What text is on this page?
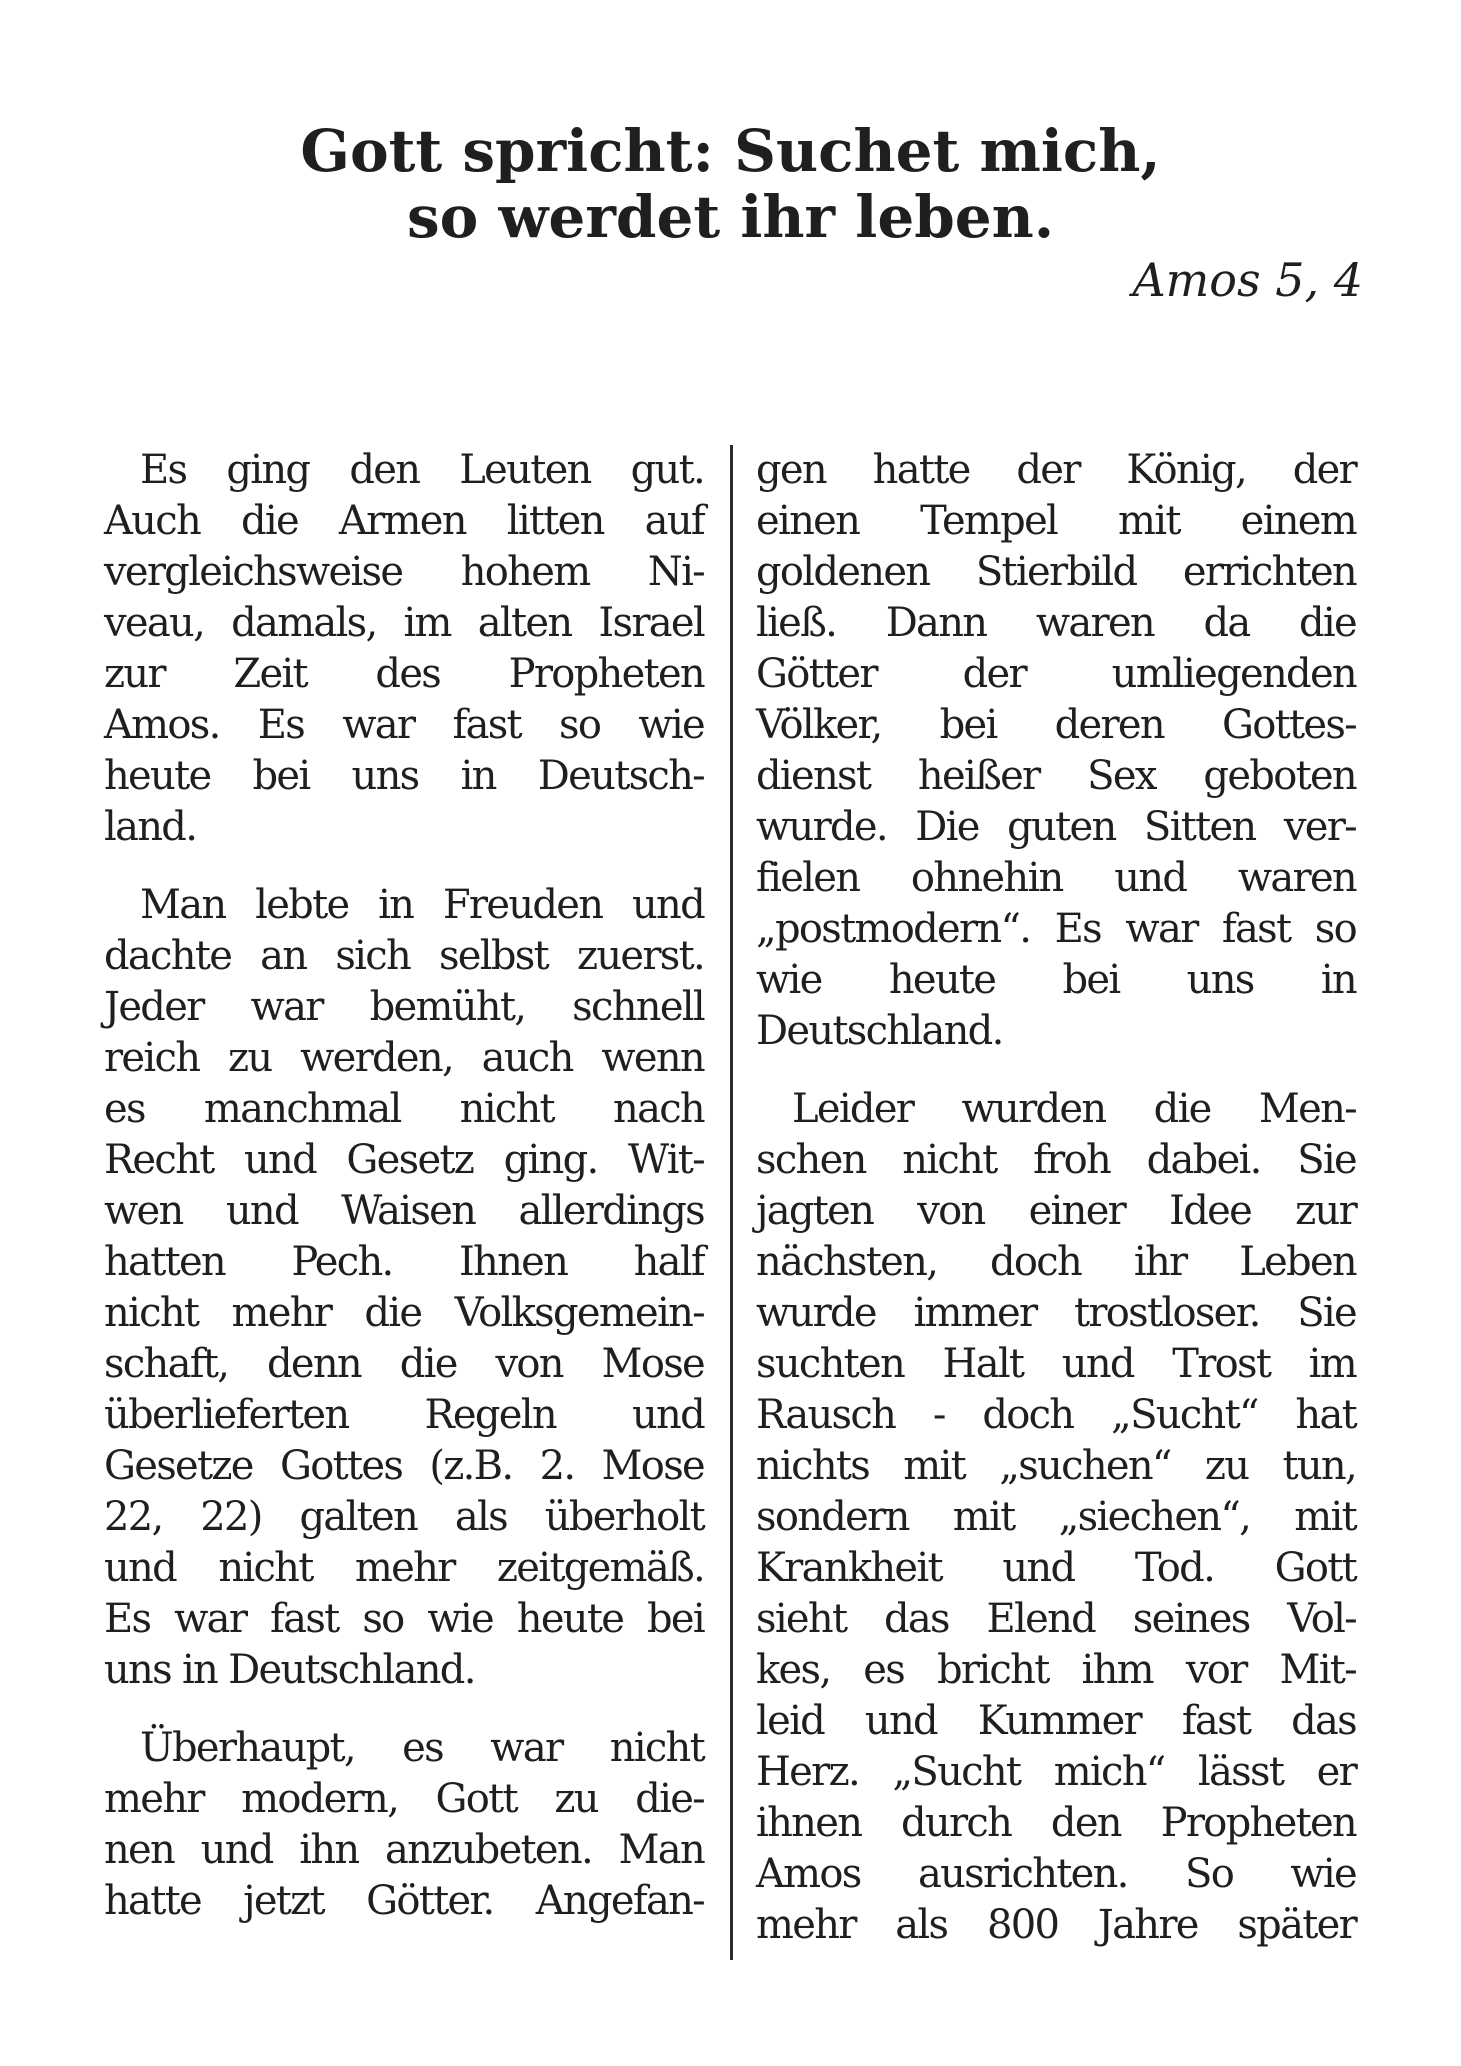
Gott spricht: Suchet mich,
so werdet ihr leben.

Amos 5, 4

Es ging den Leuten gut.
Auch die Armen litten auf
vergleichsweise hohem Ni-
veau, damals, im alten Israel
zur Zeit des Propheten
Amos. Es war fast so wie
heute bei uns in Deutsch-
land.
Man lebte in Freuden und
dachte an sich selbst zuerst.
Jeder war bemüht, schnell
reich zu werden, auch wenn
es manchmal nicht nach
Recht und Gesetz ging. Wit-
wen und Waisen allerdings
hatten Pech. Ihnen half
nicht mehr die Volksgemein-
schaft, denn die von Mose
überlieferten Regeln und
Gesetze Gottes (z.B. 2. Mose
22, 22) galten als überholt
und nicht mehr zeitgemäß.
Es war fast so wie heute bei
uns in Deutschland.
Überhaupt, es war nicht
mehr modern, Gott zu die-
nen und ihn anzubeten. Man
hatte jetzt Götter. Angefan-
gen hatte der König, der
einen Tempel mit einem
goldenen Stierbild errichten
ließ. Dann waren da die
Götter der umliegenden
Völker, bei deren Gottes-
dienst heißer Sex geboten
wurde. Die guten Sitten ver-
fielen ohnehin und waren
„postmodern“. Es war fast so
wie heute bei uns in
Deutschland.
Leider wurden die Men-
schen nicht froh dabei. Sie
jagten von einer Idee zur
nächsten, doch ihr Leben
wurde immer trostloser. Sie
suchten Halt und Trost im
Rausch - doch „Sucht“ hat
nichts mit „suchen“ zu tun,
sondern mit „siechen“, mit
Krankheit und Tod. Gott
sieht das Elend seines Vol-
kes, es bricht ihm vor Mit-
leid und Kummer fast das
Herz. „Sucht mich“ lässt er
ihnen durch den Propheten
Amos ausrichten. So wie
mehr als 800 Jahre später
